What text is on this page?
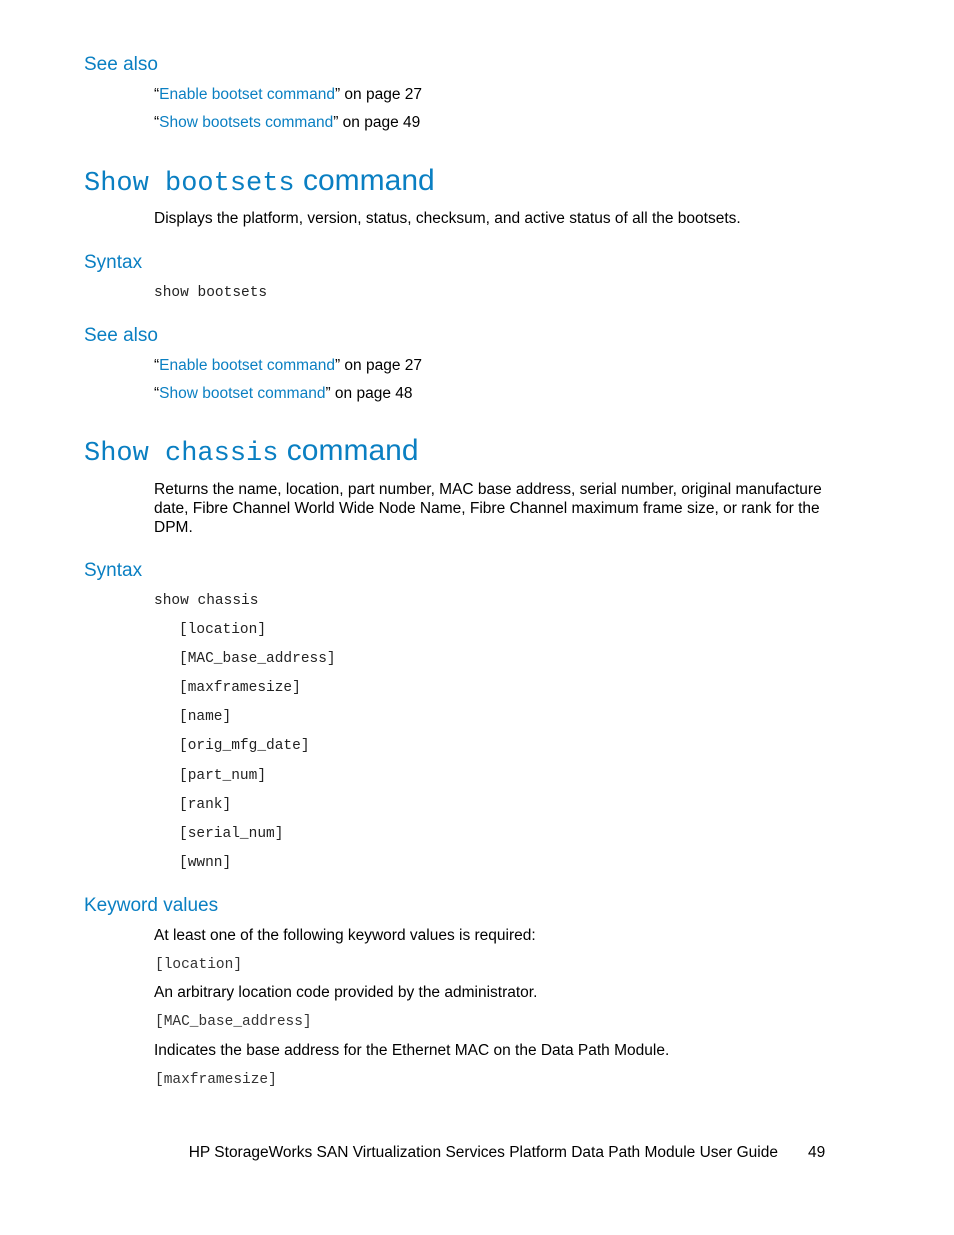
See also
“Enable bootset command” on page 27
“Show bootsets command” on page 49
Show bootsets command
Displays the platform, version, status, checksum, and active status of all the bootsets.
Syntax
show bootsets
See also
“Enable bootset command” on page 27
“Show bootset command” on page 48
Show chassis command
Returns the name, location, part number, MAC base address, serial number, original manufacture date, Fibre Channel World Wide Node Name, Fibre Channel maximum frame size, or rank for the DPM.
Syntax
show chassis
[location]
[MAC_base_address]
[maxframesize]
[name]
[orig_mfg_date]
[part_num]
[rank]
[serial_num]
[wwnn]
Keyword values
At least one of the following keyword values is required:
[location]
An arbitrary location code provided by the administrator.
[MAC_base_address]
Indicates the base address for the Ethernet MAC on the Data Path Module.
[maxframesize]
HP StorageWorks SAN Virtualization Services Platform Data Path Module User Guide 49
